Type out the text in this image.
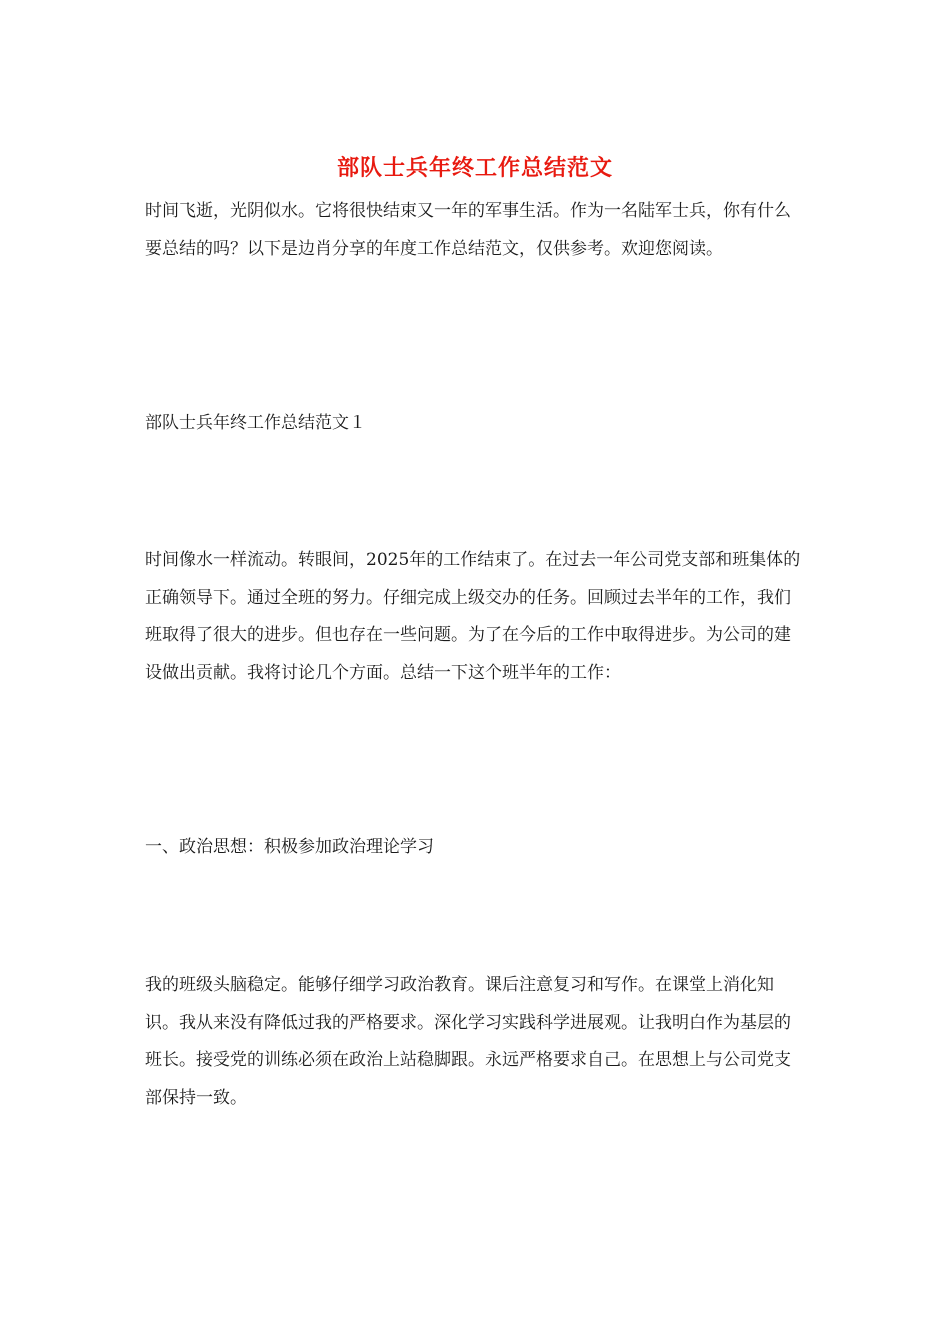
部队士兵年终工作总结范文

时间飞逝，光阴似水。它将很快结束又一年的军事生活。作为一名陆军士兵，你有什么要总结的吗？以下是边肖分享的年度工作总结范文，仅供参考。欢迎您阅读。

部队士兵年终工作总结范文１

时间像水一样流动。转眼间，2025年的工作结束了。在过去一年公司党支部和班集体的正确领导下。通过全班的努力。仔细完成上级交办的任务。回顾过去半年的工作，我们班取得了很大的进步。但也存在一些问题。为了在今后的工作中取得进步。为公司的建设做出贡献。我将讨论几个方面。总结一下这个班半年的工作：

一、政治思想：积极参加政治理论学习

我的班级头脑稳定。能够仔细学习政治教育。课后注意复习和写作。在课堂上消化知识。我从来没有降低过我的严格要求。深化学习实践科学进展观。让我明白作为基层的班长。接受党的训练必须在政治上站稳脚跟。永远严格要求自己。在思想上与公司党支部保持一致。
